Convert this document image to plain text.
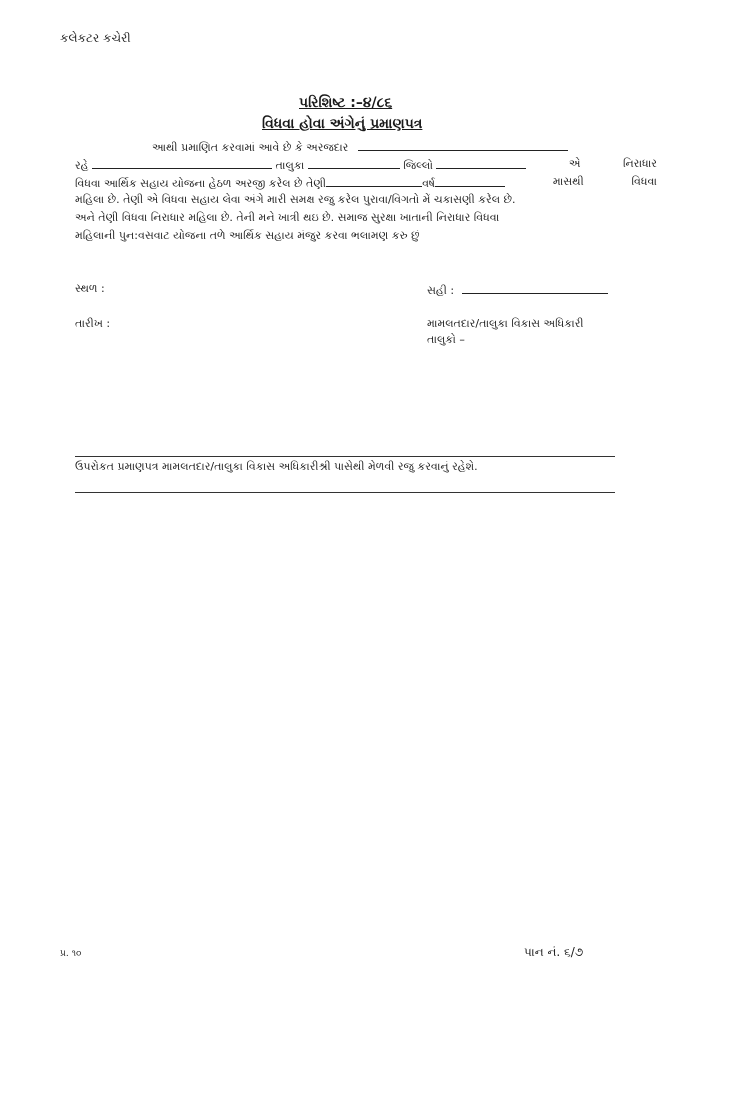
કલેકટર કચેરી
પરિશિષ્ટ :–૪/૮૬
વિધવા હોવા અંગેનું પ્રમાણપત્ર
આથી પ્રમાણિત કરવામાં આવે છે કે અરજદાર
રહે	તાલુકા	જિલ્લો	એ	નિરાધાર
વિધવા આર્થિક સહાય યોજના હેઠળ અરજી કરેલ છે તેણી	વર્ષ	માસથી	વિધવા
મહિલા છે. તેણી એ વિધવા સહાય લેવા અંગે મારી સમક્ષ રજુ કરેલ પુરાવા/વિગતો મેં ચકાસણી કરેલ છે.
અને તેણી વિધવા નિરાધાર મહિલા છે. તેની મને ખાત્રી થઇ છે. સમાજ સુરક્ષા ખાતાની નિરાધાર વિધવા
મહિલાની પુન:વસવાટ યોજના તળે આર્થિક સહાય મંજુર કરવા ભલામણ કરુ છું
સ્થળ :	સહી :
તારીખ :	મામલતદાર/તાલુકા વિકાસ અધિકારી
તાલુકો –
ઉપરોકત પ્રમાણપત્ર મામલતદાર/તાલુકા વિકાસ અધિકારીશ્રી પાસેથી મેળવી રજુ કરવાનું રહેશે.
પ્ર. ૧૦	પાન નં. ૬/૭
